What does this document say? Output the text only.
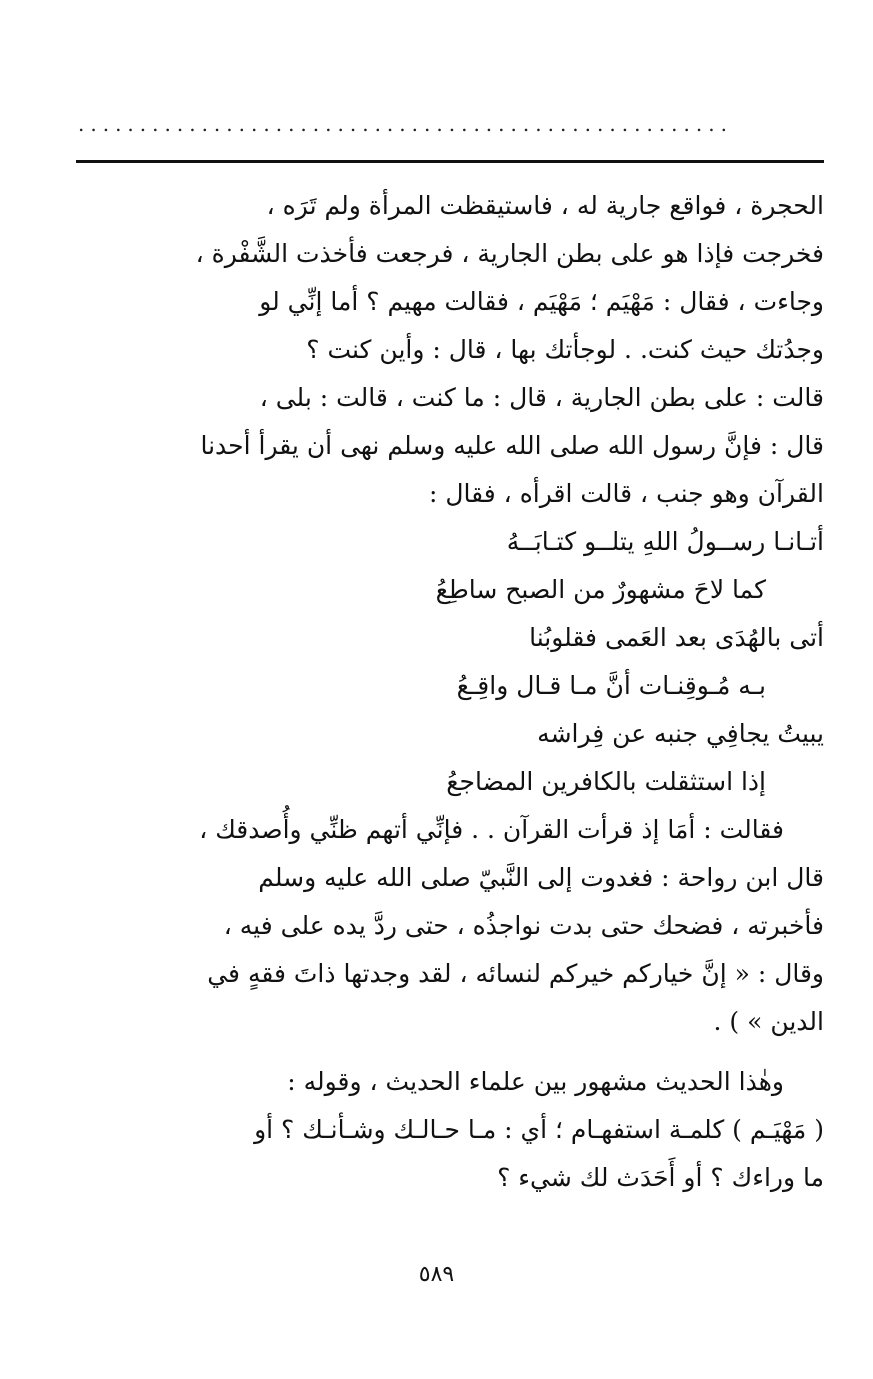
.....................................................
الحجرة ، فواقع جارية له ، فاستيقظت المرأة ولم تَرَه ،
فخرجت فإذا هو على بطن الجارية ، فرجعت فأخذت الشَّفْرة ،
وجاءت ، فقال : مَهْيَم ؛ مَهْيَم ، فقالت مهيم ؟ أما إنِّي لو
وجدُتك حيث كنت. . لوجأتك بها ، قال : وأين كنت ؟
قالت : على بطن الجارية ، قال : ما كنت ، قالت : بلى ،
قال : فإنَّ رسول الله صلى الله عليه وسلم نهى أن يقرأ أحدنا
القرآن وهو جنب ، قالت اقرأه ، فقال :
أتـانـا رســولُ اللهِ يتلــو كتـابَــهُ
كما لاحَ مشهورٌ من الصبح ساطِعُ
أتى بالهُدَى بعد العَمى فقلوبُنا
بـه مُـوقِنـات أنَّ مـا قـال واقِـعُ
يبيتُ يجافِي جنبه عن فِراشه
إذا استثقلت بالكافرين المضاجعُ
فقالت : أمَا إذ قرأت القرآن . . فإنِّي أتهم ظنِّي وأُصدقك ،
قال ابن رواحة : فغدوت إلى النَّبيّ صلى الله عليه وسلم
فأخبرته ، فضحك حتى بدت نواجذُه ، حتى ردَّ يده على فيه ،
وقال : « إنَّ خياركم خيركم لنسائه ، لقد وجدتها ذاتَ فقهٍ في
الدين » ) .
وهٰذا الحديث مشهور بين علماء الحديث ، وقوله :
( مَهْيَـم ) كلمـة استفهـام ؛ أي : مـا حـالـك وشـأنـك ؟ أو
ما وراءك ؟ أو أَحَدَث لك شيء ؟
٥٨٩
